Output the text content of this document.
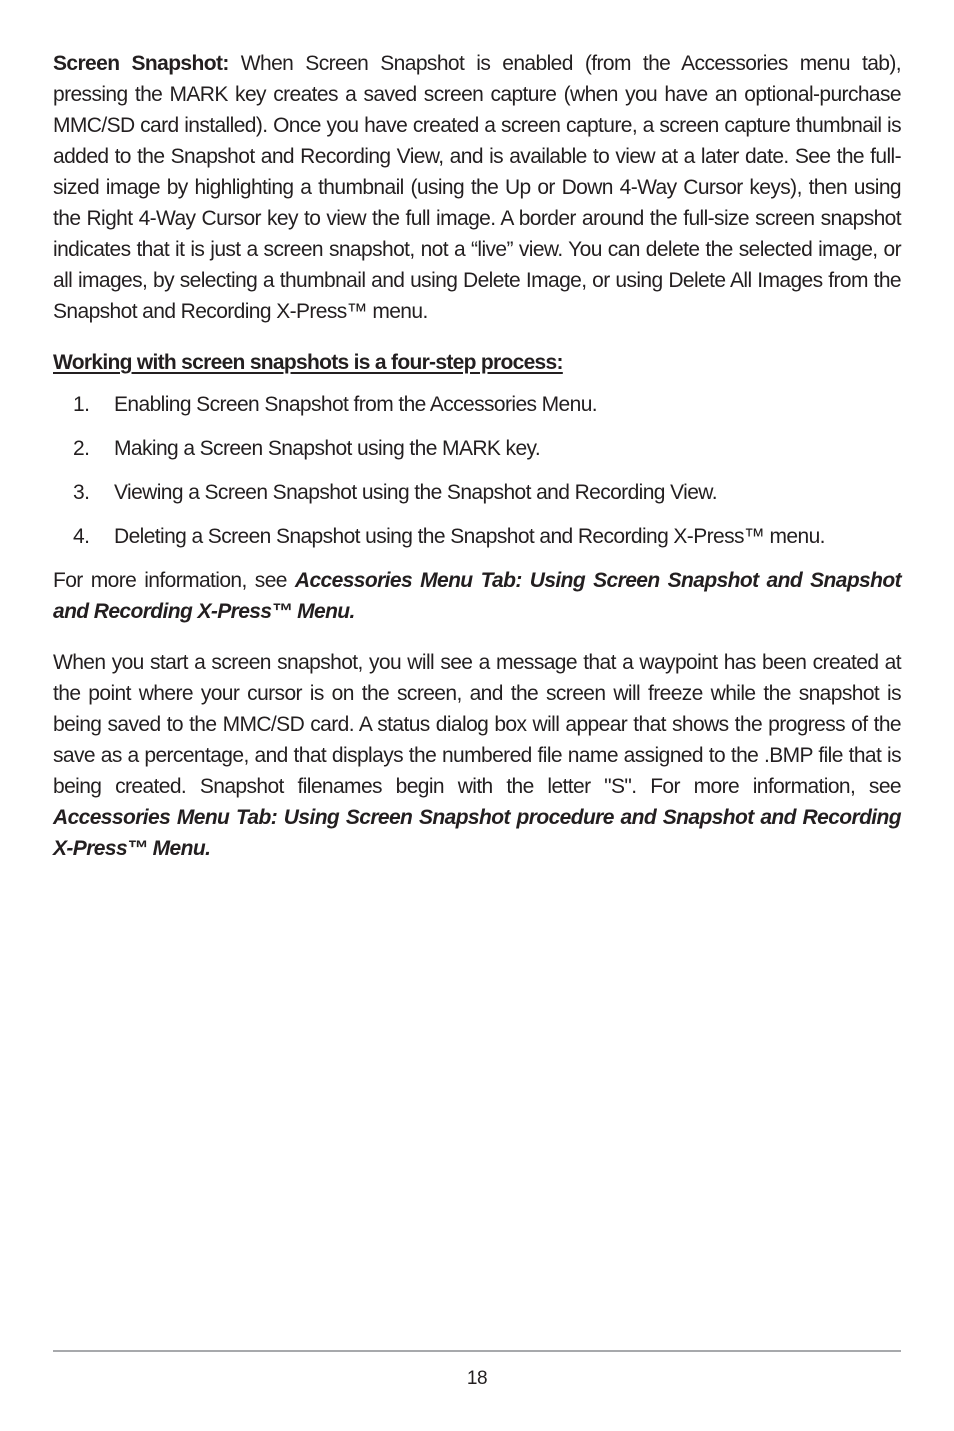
Screen Snapshot: When Screen Snapshot is enabled (from the Accessories menu tab), pressing the MARK key creates a saved screen capture (when you have an optional-purchase MMC/SD card installed). Once you have created a screen capture, a screen capture thumbnail is added to the Snapshot and Recording View, and is available to view at a later date. See the full-sized image by highlighting a thumbnail (using the Up or Down 4-Way Cursor keys), then using the Right 4-Way Cursor key to view the full image. A border around the full-size screen snapshot indicates that it is just a screen snapshot, not a “live” view. You can delete the selected image, or all images, by selecting a thumbnail and using Delete Image, or using Delete All Images from the Snapshot and Recording X-Press™ menu.

Working with screen snapshots is a four-step process:

1.	Enabling Screen Snapshot from the Accessories Menu.
2.	Making a Screen Snapshot using the MARK key.
3.	Viewing a Screen Snapshot using the Snapshot and Recording View.
4.	Deleting a Screen Snapshot using the Snapshot and Recording X-Press™ menu.

For more information, see Accessories Menu Tab: Using Screen Snapshot and Snapshot and Recording X-Press™ Menu.

When you start a screen snapshot, you will see a message that a waypoint has been created at the point where your cursor is on the screen, and the screen will freeze while the snapshot is being saved to the MMC/SD card. A status dialog box will appear that shows the progress of the save as a percentage, and that displays the numbered file name assigned to the .BMP file that is being created. Snapshot filenames begin with the letter "S". For more information, see Accessories Menu Tab: Using Screen Snapshot procedure and Snapshot and Recording X-Press™ Menu.

18
